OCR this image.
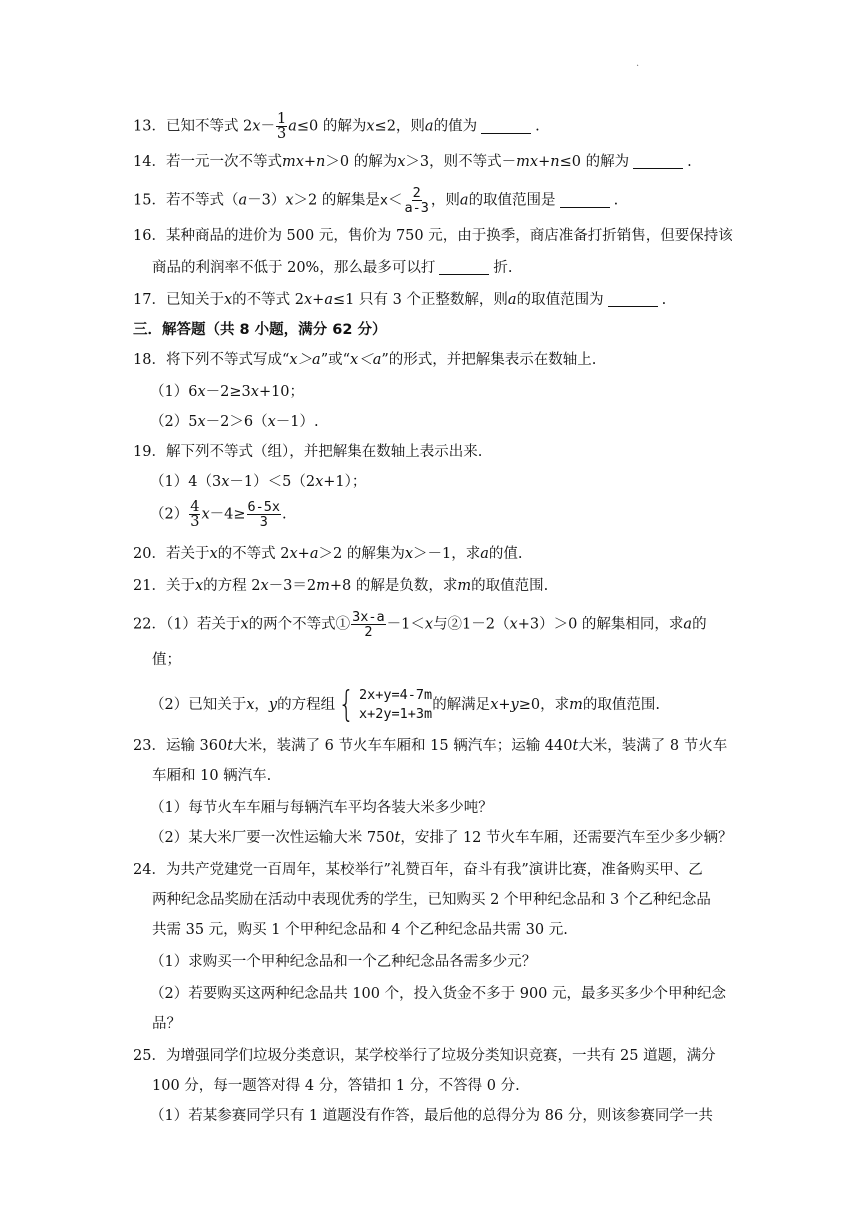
.
13．已知不等式 $2x- \frac{1}{3} a\le 0$ 的解为x≤2，则a的值为	.
14．若一元一次不等式mx+n＞0 的解为x＞3，则不等式－mx+n≤0 的解为	.
15．若不等式（a－3）x＞2 的解集是$x< \frac{2}{a-3}$ ，则a的取值范围是	.
16．某种商品的进价为 500 元，售价为 750 元，由于换季，商店准备打折销售，但要保持该
商品的利润率不低于 20%，那么最多可以打	折.
17．已知关于x的不等式 2x+a≤1 只有 3 个正整数解，则a的取值范围为	.
三．解答题（共 8 小题，满分 62 分）
18．将下列不等式写成“x＞a”或“x＜a”的形式，并把解集表示在数轴上.
（1）6x－2≥3x+10；
（2）5x－2＞6（x－1）.
19．解下列不等式（组），并把解集在数轴上表示出来.
（1）4（3x－1）＜5（2x+1）；
$(2) \frac{4}{3} x-4\ge \frac{6-5x}{3}$ .
20．若关于x的不等式 2x+a＞2 的解集为x＞－1，求a的值.
21．关于x的方程 2x－3＝2m+8 的解是负数，求m的取值范围.
22．（1）若关于x的两个不等式① $\frac{3x-a}{2} -1<x$与②1－2（x+3）＞0 的解集相同，求a的
值；
（2）已知关于x，y的方程组 { 2x+y=4-7m
x+2y=1+3m
的解满足x+y≥0，求m的取值范围.
23．运输 360t大米，装满了 6 节火车车厢和 15 辆汽车；运输 440t大米，装满了 8 节火车
车厢和 10 辆汽车.
（1）每节火车车厢与每辆汽车平均各装大米多少吨？
（2）某大米厂要一次性运输大米 750t，安排了 12 节火车车厢，还需要汽车至少多少辆？
24．为共产党建党一百周年，某校举行”礼赞百年，奋斗有我”演讲比赛，准备购买甲、乙
两种纪念品奖励在活动中表现优秀的学生，已知购买 2 个甲种纪念品和 3 个乙种纪念品
共需 35 元，购买 1 个甲种纪念品和 4 个乙种纪念品共需 30 元.
（1）求购买一个甲种纪念品和一个乙种纪念品各需多少元？
（2）若要购买这两种纪念品共 100 个，投入货金不多于 900 元，最多买多少个甲种纪念
品？
25．为增强同学们垃圾分类意识，某学校举行了垃圾分类知识竞赛，一共有 25 道题，满分
100 分，每一题答对得 4 分，答错扣 1 分，不答得 0 分.
（1）若某参赛同学只有 1 道题没有作答，最后他的总得分为 86 分，则该参赛同学一共
